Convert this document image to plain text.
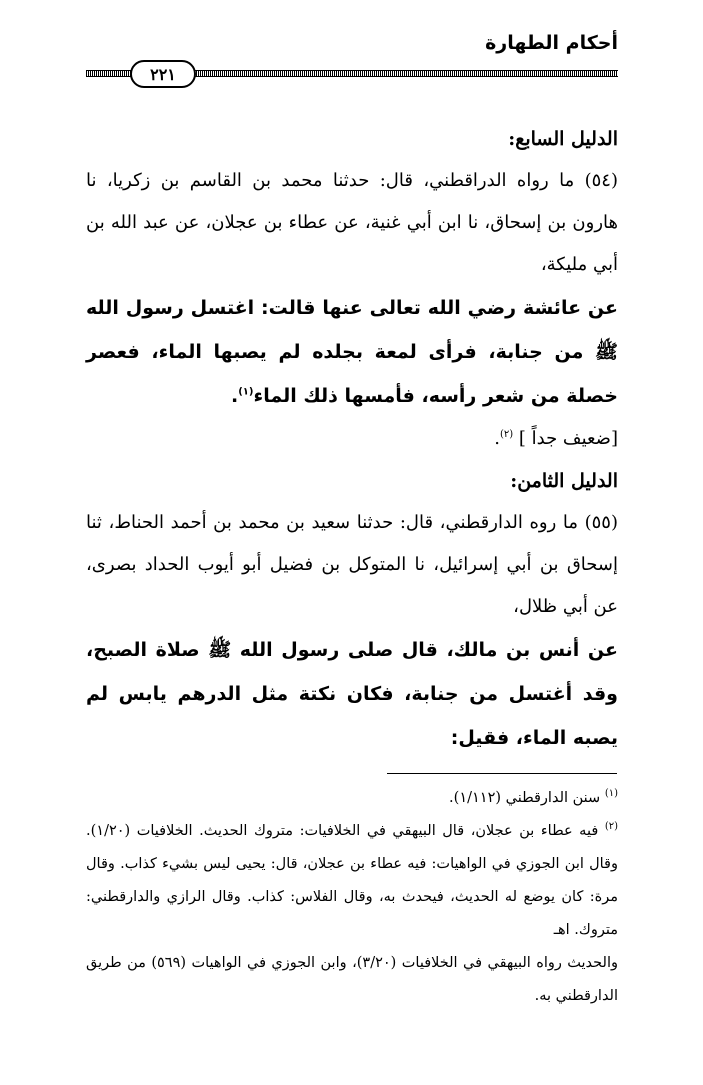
أحكام الطهارة
٢٢١

الدليل السابع:

(٥٤) ما رواه الدراقطني، قال: حدثنا محمد بن القاسم بن زكريا، نا هارون بن إسحاق، نا ابن أبي غنية، عن عطاء بن عجلان، عن عبد الله بن أبي مليكة،

عن عائشة رضي الله تعالى عنها قالت: اغتسل رسول الله ﷺ من جنابة، فرأى لمعة بجلده لم يصبها الماء، فعصر خصلة من شعر رأسه، فأمسها ذلك الماء$^{(١)}$.

[ضعيف جداً ] $^{(٢)}$.

الدليل الثامن:

(٥٥) ما روه الدارقطني، قال: حدثنا سعيد بن محمد بن أحمد الحناط، ثنا إسحاق بن أبي إسرائيل، نا المتوكل بن فضيل أبو أيوب الحداد بصرى، عن أبي ظلال،

عن أنس بن مالك، قال صلى رسول الله ﷺ صلاة الصبح، وقد أغتسل من جنابة، فكان نكتة مثل الدرهم يابس لم يصبه الماء، فقيل:

$^{(١)}$ سنن الدارقطني (١/١١٢).

$^{(٢)}$ فيه عطاء بن عجلان، قال البيهقي في الخلافيات: متروك الحديث. الخلافيات (١/٢٠). وقال ابن الجوزي في الواهيات: فيه عطاء بن عجلان، قال: يحيى ليس بشيء كذاب. وقال مرة: كان يوضع له الحديث، فيحدث به، وقال الفلاس: كذاب. وقال الرازي والدارقطني: متروك. اهـ

والحديث رواه البيهقي في الخلافيات (٣/٢٠)، وابن الجوزي في الواهيات (٥٦٩) من طريق الدارقطني به.
